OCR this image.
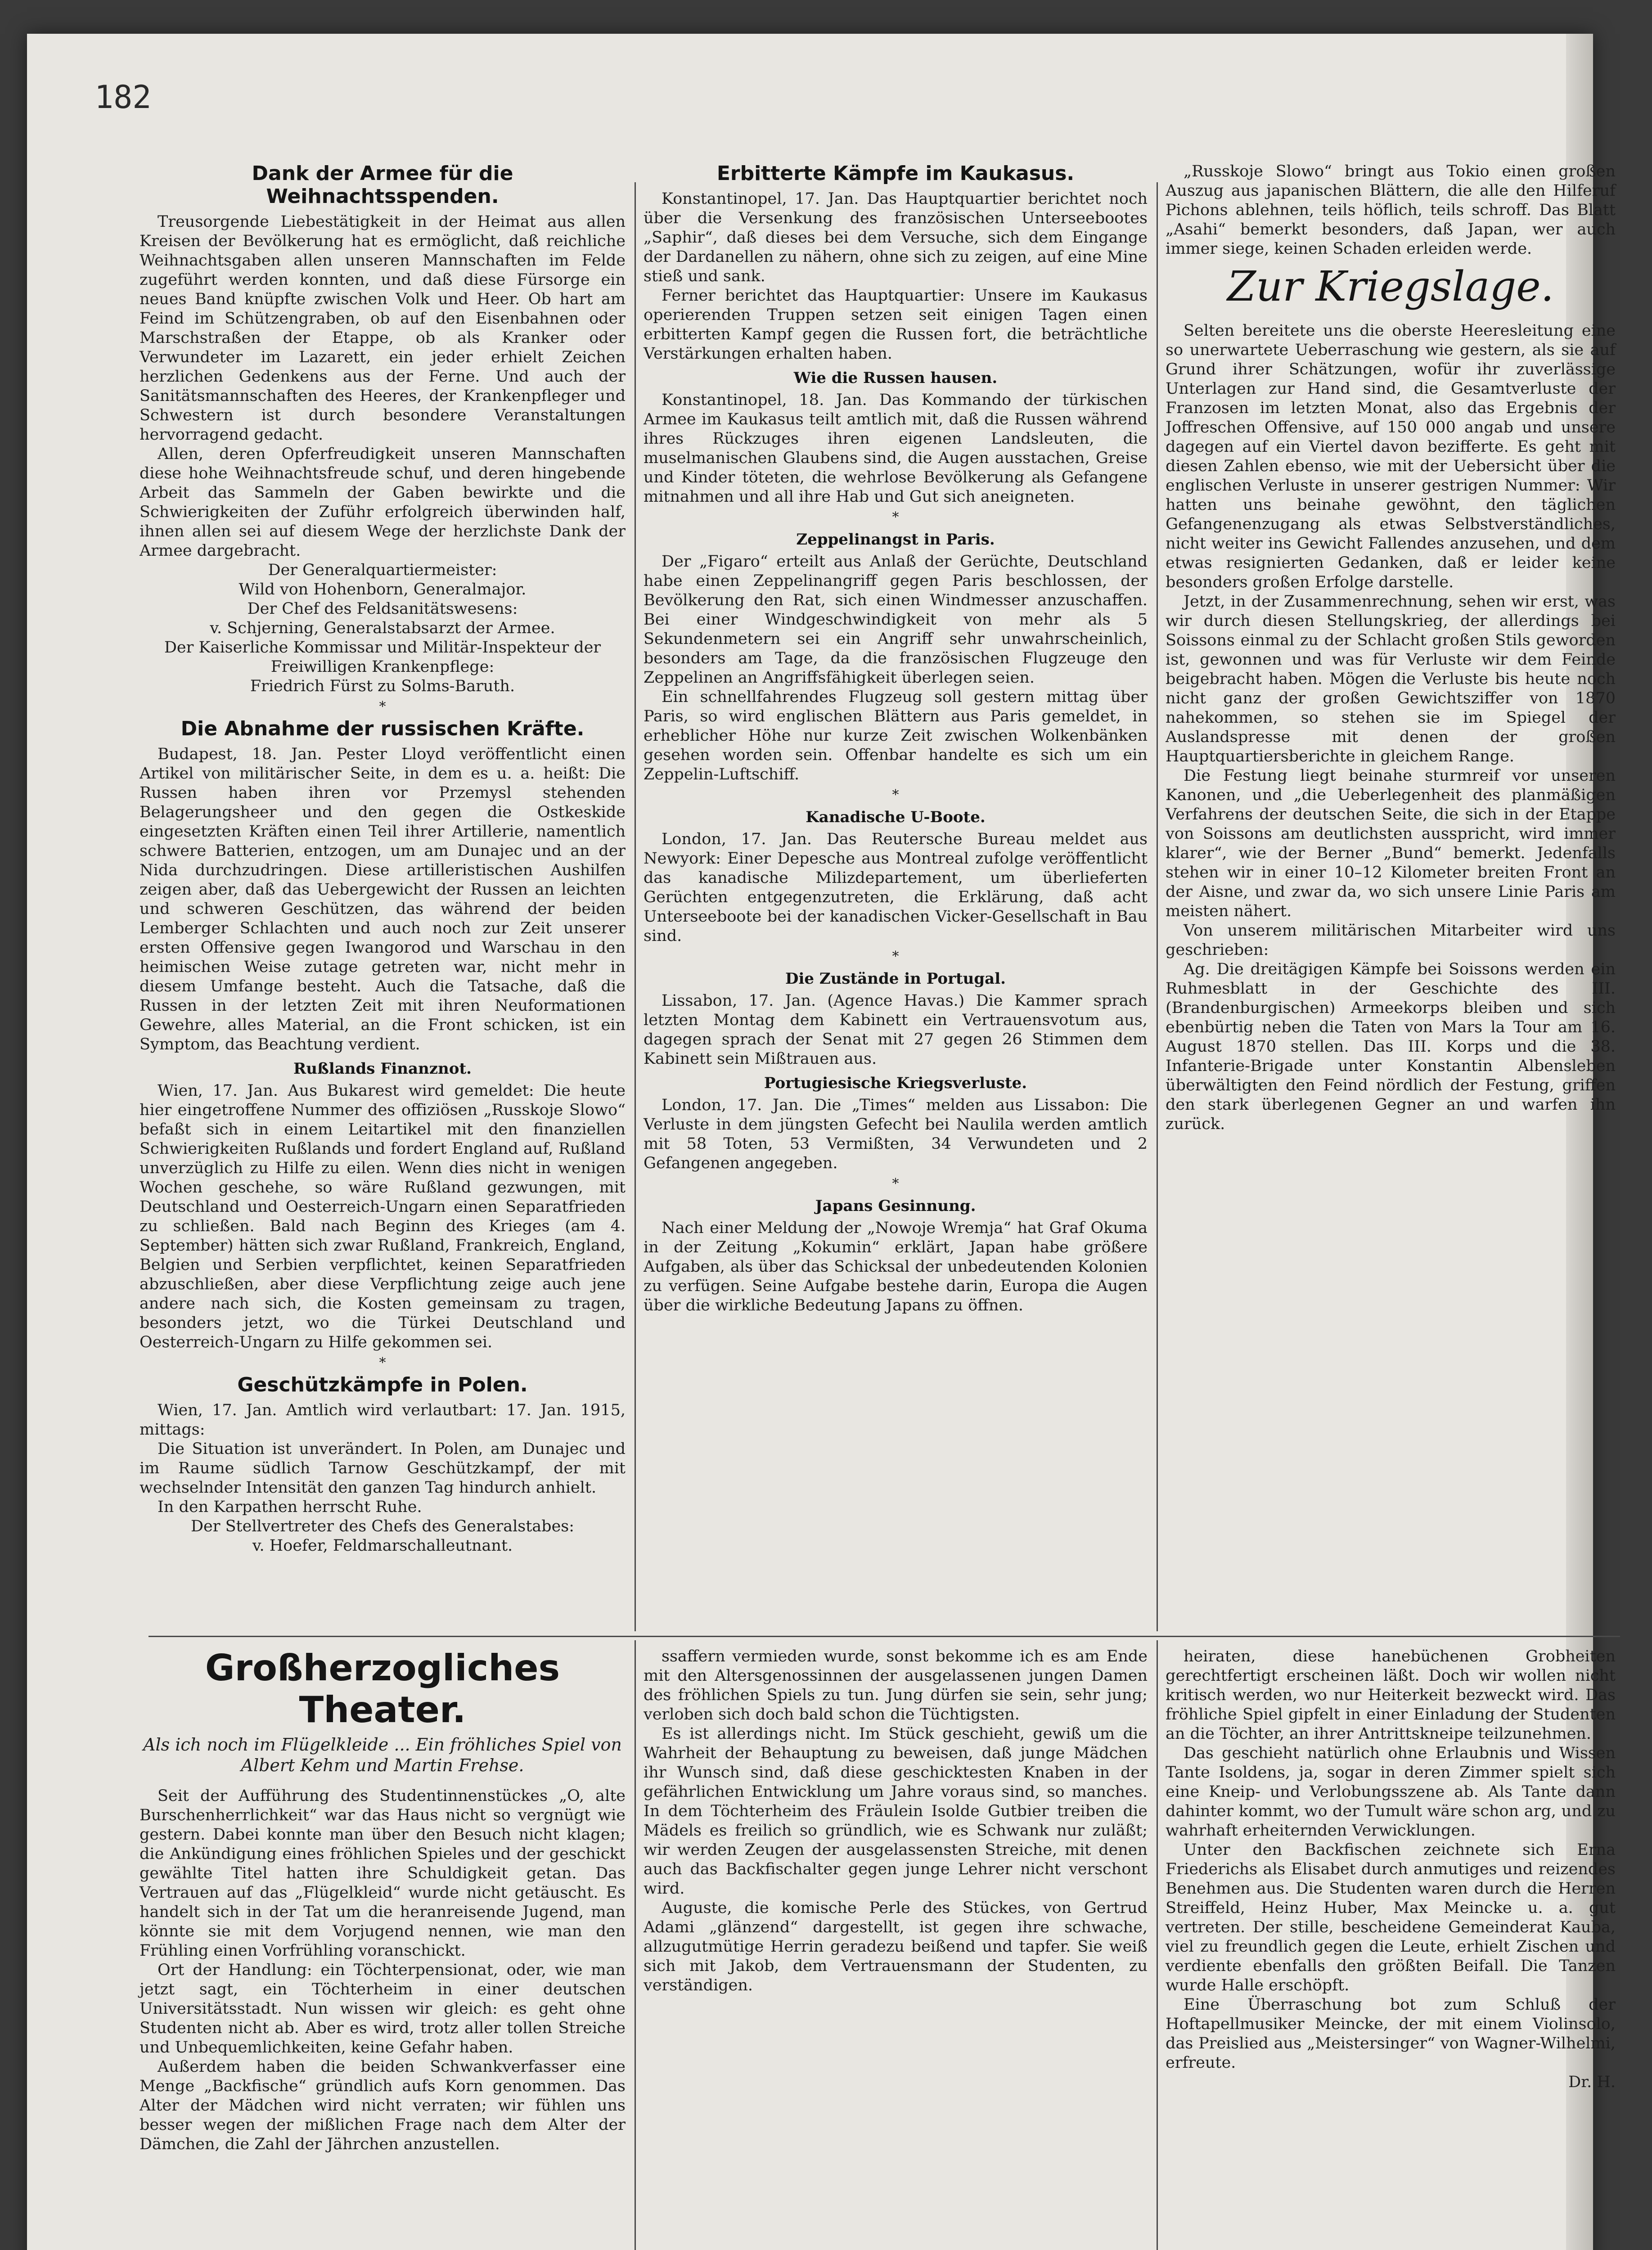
182
Dank der Armee für die Weihnachtsspenden.

Treusorgende Liebestätigkeit in der Heimat aus allen Kreisen der Bevölkerung hat es ermöglicht, daß reichliche Weihnachtsgaben allen unseren Mannschaften im Felde zugeführt werden konnten, und daß diese Fürsorge ein neues Band knüpfte zwischen Volk und Heer. Ob hart am Feind im Schützengraben, ob auf den Eisenbahnen oder Marschstraßen der Etappe, ob als Kranker oder Verwundeter im Lazarett, ein jeder erhielt Zeichen herzlichen Gedenkens aus der Ferne. Und auch der Sanitätsmannschaften des Heeres, der Krankenpfleger und Schwestern ist durch besondere Veranstaltungen hervorragend gedacht.

Allen, deren Opferfreudigkeit unseren Mannschaften diese hohe Weihnachtsfreude schuf, und deren hingebende Arbeit das Sammeln der Gaben bewirkte und die Schwierigkeiten der Zuführ erfolgreich überwinden half, ihnen allen sei auf diesem Wege der herzlichste Dank der Armee dargebracht.

Der Generalquartiermeister:

Wild von Hohenborn, Generalmajor.

Der Chef des Feldsanitätswesens:

v. Schjerning, Generalstabsarzt der Armee.

Der Kaiserliche Kommissar und Militär-Inspekteur der Freiwilligen Krankenpflege:

Friedrich Fürst zu Solms-Baruth.

*
Die Abnahme der russischen Kräfte.

Budapest, 18. Jan. Pester Lloyd veröffentlicht einen Artikel von militärischer Seite, in dem es u. a. heißt: Die Russen haben ihren vor Przemysl stehenden Belagerungsheer und den gegen die Ostkeskide eingesetzten Kräften einen Teil ihrer Artillerie, namentlich schwere Batterien, entzogen, um am Dunajec und an der Nida durchzudringen. Diese artilleristischen Aushilfen zeigen aber, daß das Uebergewicht der Russen an leichten und schweren Geschützen, das während der beiden Lemberger Schlachten und auch noch zur Zeit unserer ersten Offensive gegen Iwangorod und Warschau in den heimischen Weise zutage getreten war, nicht mehr in diesem Umfange besteht. Auch die Tatsache, daß die Russen in der letzten Zeit mit ihren Neuformationen Gewehre, alles Material, an die Front schicken, ist ein Symptom, das Beachtung verdient.

Rußlands Finanznot.

Wien, 17. Jan. Aus Bukarest wird gemeldet: Die heute hier eingetroffene Nummer des offiziösen „Russkoje Slowo“ befaßt sich in einem Leitartikel mit den finanziellen Schwierigkeiten Rußlands und fordert England auf, Rußland unverzüglich zu Hilfe zu eilen. Wenn dies nicht in wenigen Wochen geschehe, so wäre Rußland gezwungen, mit Deutschland und Oesterreich-Ungarn einen Separatfrieden zu schließen. Bald nach Beginn des Krieges (am 4. September) hätten sich zwar Rußland, Frankreich, England, Belgien und Serbien verpflichtet, keinen Separatfrieden abzuschließen, aber diese Verpflichtung zeige auch jene andere nach sich, die Kosten gemeinsam zu tragen, besonders jetzt, wo die Türkei Deutschland und Oesterreich-Ungarn zu Hilfe gekommen sei.

*
Geschützkämpfe in Polen.

Wien, 17. Jan. Amtlich wird verlautbart: 17. Jan. 1915, mittags:

Die Situation ist unverändert. In Polen, am Dunajec und im Raume südlich Tarnow Geschützkampf, der mit wechselnder Intensität den ganzen Tag hindurch anhielt.

In den Karpathen herrscht Ruhe.

Der Stellvertreter des Chefs des Generalstabes:

v. Hoefer, Feldmarschalleutnant.

Erbitterte Kämpfe im Kaukasus.

Konstantinopel, 17. Jan. Das Hauptquartier berichtet noch über die Versenkung des französischen Unterseebootes „Saphir“, daß dieses bei dem Versuche, sich dem Eingange der Dardanellen zu nähern, ohne sich zu zeigen, auf eine Mine stieß und sank.

Ferner berichtet das Hauptquartier: Unsere im Kaukasus operierenden Truppen setzen seit einigen Tagen einen erbitterten Kampf gegen die Russen fort, die beträchtliche Verstärkungen erhalten haben.

Wie die Russen hausen.

Konstantinopel, 18. Jan. Das Kommando der türkischen Armee im Kaukasus teilt amtlich mit, daß die Russen während ihres Rückzuges ihren eigenen Landsleuten, die muselmanischen Glaubens sind, die Augen ausstachen, Greise und Kinder töteten, die wehrlose Bevölkerung als Gefangene mitnahmen und all ihre Hab und Gut sich aneigneten.

*
Zeppelinangst in Paris.

Der „Figaro“ erteilt aus Anlaß der Gerüchte, Deutschland habe einen Zeppelinangriff gegen Paris beschlossen, der Bevölkerung den Rat, sich einen Windmesser anzuschaffen. Bei einer Windgeschwindigkeit von mehr als 5 Sekundenmetern sei ein Angriff sehr unwahrscheinlich, besonders am Tage, da die französischen Flugzeuge den Zeppelinen an Angriffsfähigkeit überlegen seien.

Ein schnellfahrendes Flugzeug soll gestern mittag über Paris, so wird englischen Blättern aus Paris gemeldet, in erheblicher Höhe nur kurze Zeit zwischen Wolkenbänken gesehen worden sein. Offenbar handelte es sich um ein Zeppelin-Luftschiff.

*
Kanadische U-Boote.

London, 17. Jan. Das Reutersche Bureau meldet aus Newyork: Einer Depesche aus Montreal zufolge veröffentlicht das kanadische Milizdepartement, um überlieferten Gerüchten entgegenzutreten, die Erklärung, daß acht Unterseeboote bei der kanadischen Vicker-Gesellschaft in Bau sind.

*
Die Zustände in Portugal.

Lissabon, 17. Jan. (Agence Havas.) Die Kammer sprach letzten Montag dem Kabinett ein Vertrauensvotum aus, dagegen sprach der Senat mit 27 gegen 26 Stimmen dem Kabinett sein Mißtrauen aus.

Portugiesische Kriegsverluste.

London, 17. Jan. Die „Times“ melden aus Lissabon: Die Verluste in dem jüngsten Gefecht bei Naulila werden amtlich mit 58 Toten, 53 Vermißten, 34 Verwundeten und 2 Gefangenen angegeben.

*
Japans Gesinnung.

Nach einer Meldung der „Nowoje Wremja“ hat Graf Okuma in der Zeitung „Kokumin“ erklärt, Japan habe größere Aufgaben, als über das Schicksal der unbedeutenden Kolonien zu verfügen. Seine Aufgabe bestehe darin, Europa die Augen über die wirkliche Bedeutung Japans zu öffnen.

„Russkoje Slowo“ bringt aus Tokio einen großen Auszug aus japanischen Blättern, die alle den Hilferuf Pichons ablehnen, teils höflich, teils schroff. Das Blatt „Asahi“ bemerkt besonders, daß Japan, wer auch immer siege, keinen Schaden erleiden werde.

Zur Kriegslage.

Selten bereitete uns die oberste Heeresleitung eine so unerwartete Ueberraschung wie gestern, als sie auf Grund ihrer Schätzungen, wofür ihr zuverlässige Unterlagen zur Hand sind, die Gesamtverluste der Franzosen im letzten Monat, also das Ergebnis der Joffreschen Offensive, auf 150 000 angab und unsere dagegen auf ein Viertel davon bezifferte. Es geht mit diesen Zahlen ebenso, wie mit der Uebersicht über die englischen Verluste in unserer gestrigen Nummer: Wir hatten uns beinahe gewöhnt, den täglichen Gefangenenzugang als etwas Selbstverständliches, nicht weiter ins Gewicht Fallendes anzusehen, und dem etwas resignierten Gedanken, daß er leider keine besonders großen Erfolge darstelle.

Jetzt, in der Zusammenrechnung, sehen wir erst, was wir durch diesen Stellungskrieg, der allerdings bei Soissons einmal zu der Schlacht großen Stils geworden ist, gewonnen und was für Verluste wir dem Feinde beigebracht haben. Mögen die Verluste bis heute noch nicht ganz der großen Gewichtsziffer von 1870 nahekommen, so stehen sie im Spiegel der Auslandspresse mit denen der großen Hauptquartiersberichte in gleichem Range.

Die Festung liegt beinahe sturmreif vor unseren Kanonen, und „die Ueberlegenheit des planmäßigen Verfahrens der deutschen Seite, die sich in der Etappe von Soissons am deutlichsten ausspricht, wird immer klarer“, wie der Berner „Bund“ bemerkt. Jedenfalls stehen wir in einer 10–12 Kilometer breiten Front an der Aisne, und zwar da, wo sich unsere Linie Paris am meisten nähert.

Von unserem militärischen Mitarbeiter wird uns geschrieben:

Ag. Die dreitägigen Kämpfe bei Soissons werden ein Ruhmesblatt in der Geschichte des III. (Brandenburgischen) Armeekorps bleiben und sich ebenbürtig neben die Taten von Mars la Tour am 16. August 1870 stellen. Das III. Korps und die 38. Infanterie-Brigade unter Konstantin Albensleben überwältigten den Feind nördlich der Festung, griffen den stark überlegenen Gegner an und warfen ihn zurück.

Großherzogliches Theater.
Als ich noch im Flügelkleide ... Ein fröhliches Spiel von Albert Kehm und Martin Frehse.

Seit der Aufführung des Studentinnenstückes „O, alte Burschenherrlichkeit“ war das Haus nicht so vergnügt wie gestern. Dabei konnte man über den Besuch nicht klagen; die Ankündigung eines fröhlichen Spieles und der geschickt gewählte Titel hatten ihre Schuldigkeit getan. Das Vertrauen auf das „Flügelkleid“ wurde nicht getäuscht. Es handelt sich in der Tat um die heranreisende Jugend, man könnte sie mit dem Vorjugend nennen, wie man den Frühling einen Vorfrühling voranschickt.

Ort der Handlung: ein Töchterpensionat, oder, wie man jetzt sagt, ein Töchterheim in einer deutschen Universitätsstadt. Nun wissen wir gleich: es geht ohne Studenten nicht ab. Aber es wird, trotz aller tollen Streiche und Unbequemlichkeiten, keine Gefahr haben.

Außerdem haben die beiden Schwankverfasser eine Menge „Backfische“ gründlich aufs Korn genommen. Das Alter der Mädchen wird nicht verraten; wir fühlen uns besser wegen der mißlichen Frage nach dem Alter der Dämchen, die Zahl der Jährchen anzustellen.

ssaffern vermieden wurde, sonst bekomme ich es am Ende mit den Altersgenossinnen der ausgelassenen jungen Damen des fröhlichen Spiels zu tun. Jung dürfen sie sein, sehr jung; verloben sich doch bald schon die Tüchtigsten.

Es ist allerdings nicht. Im Stück geschieht, gewiß um die Wahrheit der Behauptung zu beweisen, daß junge Mädchen ihr Wunsch sind, daß diese geschicktesten Knaben in der gefährlichen Entwicklung um Jahre voraus sind, so manches. In dem Töchterheim des Fräulein Isolde Gutbier treiben die Mädels es freilich so gründlich, wie es Schwank nur zuläßt; wir werden Zeugen der ausgelassensten Streiche, mit denen auch das Backfischalter gegen junge Lehrer nicht verschont wird.

Auguste, die komische Perle des Stückes, von Gertrud Adami „glänzend“ dargestellt, ist gegen ihre schwache, allzugutmütige Herrin geradezu beißend und tapfer. Sie weiß sich mit Jakob, dem Vertrauensmann der Studenten, zu verständigen.

heiraten, diese hanebüchenen Grobheiten gerechtfertigt erscheinen läßt. Doch wir wollen nicht kritisch werden, wo nur Heiterkeit bezweckt wird. Das fröhliche Spiel gipfelt in einer Einladung der Studenten an die Töchter, an ihrer Antrittskneipe teilzunehmen.

Das geschieht natürlich ohne Erlaubnis und Wissen Tante Isoldens, ja, sogar in deren Zimmer spielt sich eine Kneip- und Verlobungsszene ab. Als Tante dann dahinter kommt, wo der Tumult wäre schon arg, und zu wahrhaft erheiternden Verwicklungen.

Unter den Backfischen zeichnete sich Erna Friederichs als Elisabet durch anmutiges und reizendes Benehmen aus. Die Studenten waren durch die Herren Streiffeld, Heinz Huber, Max Meincke u. a. gut vertreten. Der stille, bescheidene Gemeinderat Kauba, viel zu freundlich gegen die Leute, erhielt Zischen und verdiente ebenfalls den größten Beifall. Die Tanzen wurde Halle erschöpft.

Eine Überraschung bot zum Schluß der Hoftapellmusiker Meincke, der mit einem Violinsolo, das Preislied aus „Meistersinger“ von Wagner-Wilhelmi, erfreute.

Dr. H.
